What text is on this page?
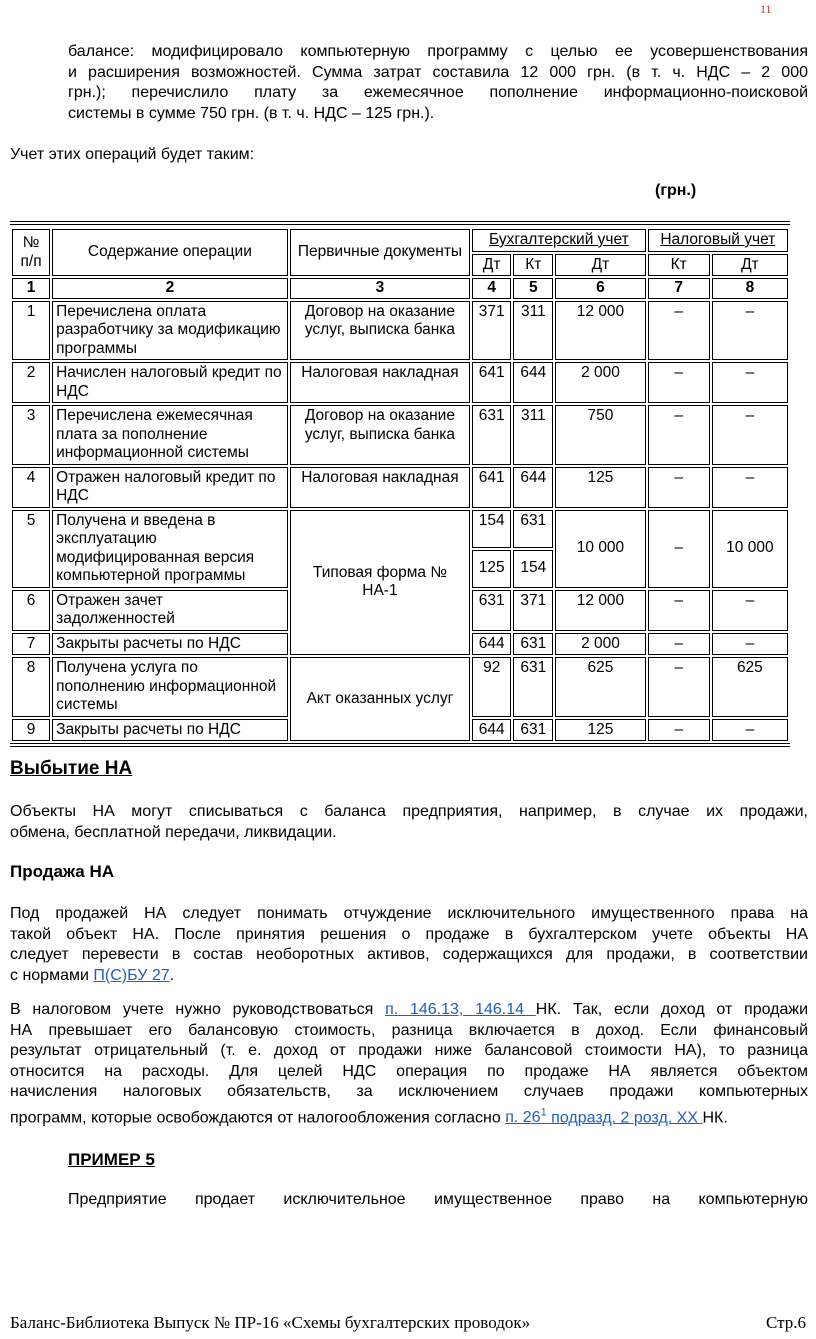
11
балансе: модифицировало компьютерную программу с целью ее усовершенствования
и расширения возможностей. Сумма затрат составила 12 000 грн. (в т. ч. НДС – 2 000
грн.); перечислило плату за ежемесячное пополнение информационно-поисковой
системы в сумме 750 грн. (в т. ч. НДС – 125 грн.).
Учет этих операций будет таким:
(грн.)
№ п/п	Содержание операции	Первичные документы	Бухгалтерский учет			Налоговый учет	
			Дт	Кт	Дт	Кт	Дт
1	2	3	4	5	6	7	8
1	Перечислена оплата разработчику за модификацию программы	Договор на оказание услуг, выписка банка	371	311	12 000	–	–
2	Начислен налоговый кредит по НДС	Налоговая накладная	641	644	2 000	–	–
3	Перечислена ежемесячная плата за пополнение информационной системы	Договор на оказание услуг, выписка банка	631	311	750	–	–
4	Отражен налоговый кредит по НДС	Налоговая накладная	641	644	125	–	–
5	Получена и введена в эксплуатацию модифицированная версия компьютерной программы	Типовая форма № НА-1	154	631	10 000	–	10 000
			125	154			
6	Отражен зачет задолженностей		631	371	12 000	–	–
7	Закрыты расчеты по НДС		644	631	2 000	–	–
8	Получена услуга по пополнению информационной системы	Акт оказанных услуг	92	631	625	–	625
9	Закрыты расчеты по НДС		644	631	125	–	–
Выбытие НА
Объекты НА могут списываться с баланса предприятия, например, в случае их продажи,
обмена, бесплатной передачи, ликвидации.
Продажа НА
Под продажей НА следует понимать отчуждение исключительного имущественного права на
такой объект НА. После принятия решения о продаже в бухгалтерском учете объекты НА
следует перевести в состав необоротных активов, содержащихся для продажи, в соответствии
с нормами П(С)БУ 27.
В налоговом учете нужно руководствоваться п. 146.13, 146.14 НК. Так, если доход от продажи
НА превышает его балансовую стоимость, разница включается в доход. Если финансовый
результат отрицательный (т. е. доход от продажи ниже балансовой стоимости НА), то разница
относится на расходы. Для целей НДС операция по продаже НА является объектом
начисления налоговых обязательств, за исключением случаев продажи компьютерных
программ, которые освобождаются от налогообложения согласно п. $26^1$ подразд. 2 розд. XX НК.
ПРИМЕР 5
Предприятие продает исключительное имущественное право на компьютерную
Баланс-Библиотека Выпуск № ПР-16 «Схемы бухгалтерских проводок»	Стр.6
